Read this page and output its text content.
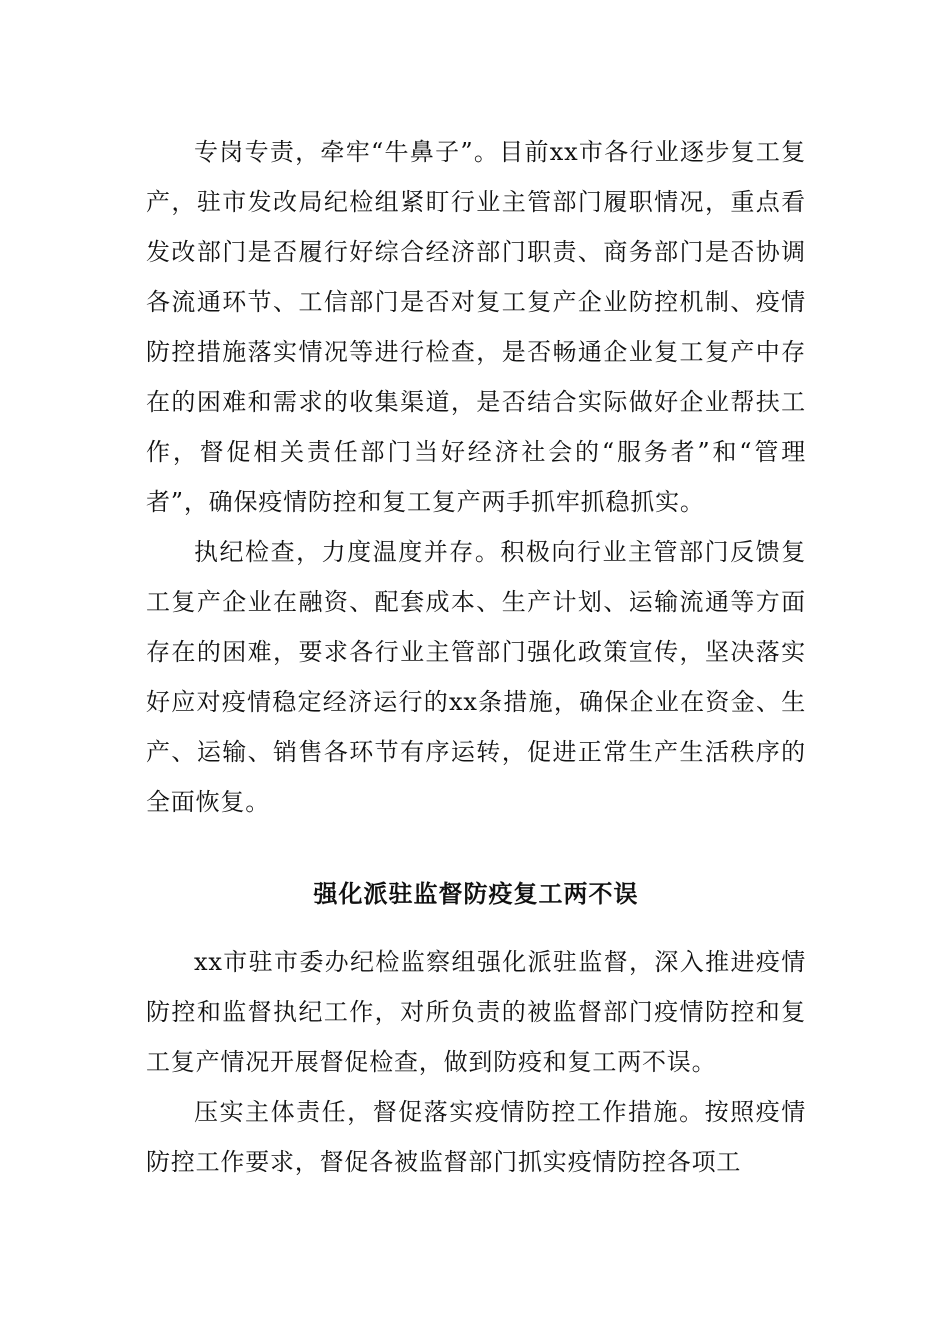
专岗专责，牵牢“牛鼻子”。目前xx市各行业逐步复工复产，驻市发改局纪检组紧盯行业主管部门履职情况，重点看发改部门是否履行好综合经济部门职责、商务部门是否协调各流通环节、工信部门是否对复工复产企业防控机制、疫情防控措施落实情况等进行检查，是否畅通企业复工复产中存在的困难和需求的收集渠道，是否结合实际做好企业帮扶工作，督促相关责任部门当好经济社会的“服务者”和“管理者”，确保疫情防控和复工复产两手抓牢抓稳抓实。

执纪检查，力度温度并存。积极向行业主管部门反馈复工复产企业在融资、配套成本、生产计划、运输流通等方面存在的困难，要求各行业主管部门强化政策宣传，坚决落实好应对疫情稳定经济运行的xx条措施，确保企业在资金、生产、运输、销售各环节有序运转，促进正常生产生活秩序的全面恢复。

强化派驻监督防疫复工两不误

xx市驻市委办纪检监察组强化派驻监督，深入推进疫情防控和监督执纪工作，对所负责的被监督部门疫情防控和复工复产情况开展督促检查，做到防疫和复工两不误。

压实主体责任，督促落实疫情防控工作措施。按照疫情防控工作要求，督促各被监督部门抓实疫情防控各项工
